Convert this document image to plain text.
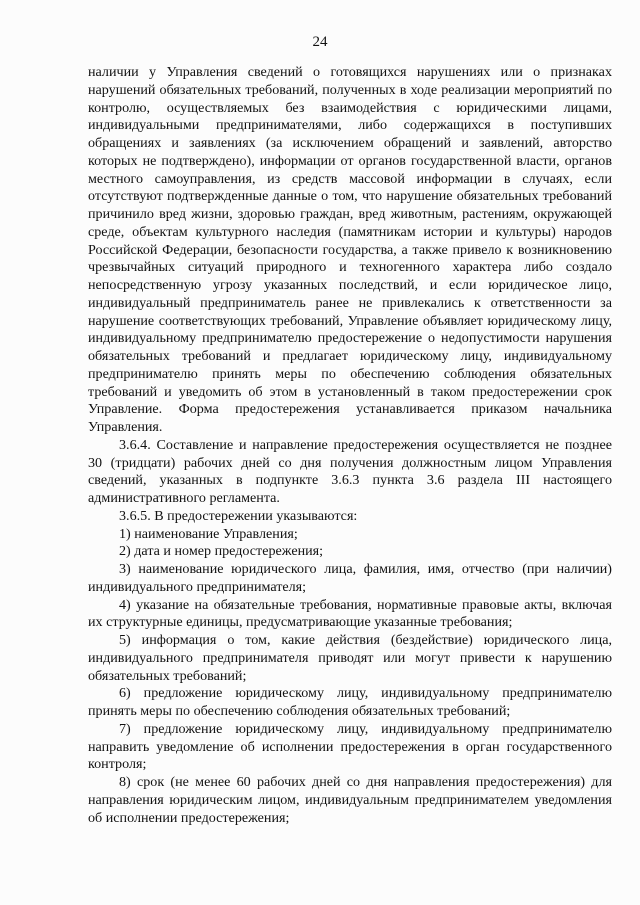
24

наличии у Управления сведений о готовящихся нарушениях или о признаках нарушений обязательных требований, полученных в ходе реализации мероприятий по контролю, осуществляемых без взаимодействия с юридическими лицами, индивидуальными предпринимателями, либо содержащихся в поступивших обращениях и заявлениях (за исключением обращений и заявлений, авторство которых не подтверждено), информации от органов государственной власти, органов местного самоуправления, из средств массовой информации в случаях, если отсутствуют подтвержденные данные о том, что нарушение обязательных требований причинило вред жизни, здоровью граждан, вред животным, растениям, окружающей среде, объектам культурного наследия (памятникам истории и культуры) народов Российской Федерации, безопасности государства, а также привело к возникновению чрезвычайных ситуаций природного и техногенного характера либо создало непосредственную угрозу указанных последствий, и если юридическое лицо, индивидуальный предприниматель ранее не привлекались к ответственности за нарушение соответствующих требований, Управление объявляет юридическому лицу, индивидуальному предпринимателю предостережение о недопустимости нарушения обязательных требований и предлагает юридическому лицу, индивидуальному предпринимателю принять меры по обеспечению соблюдения обязательных требований и уведомить об этом в установленный в таком предостережении срок Управление. Форма предостережения устанавливается приказом начальника Управления.

3.6.4. Составление и направление предостережения осуществляется не позднее 30 (тридцати) рабочих дней со дня получения должностным лицом Управления сведений, указанных в подпункте 3.6.3 пункта 3.6 раздела III настоящего административного регламента.

3.6.5. В предостережении указываются:

1) наименование Управления;

2) дата и номер предостережения;

3) наименование юридического лица, фамилия, имя, отчество (при наличии) индивидуального предпринимателя;

4) указание на обязательные требования, нормативные правовые акты, включая их структурные единицы, предусматривающие указанные требования;

5) информация о том, какие действия (бездействие) юридического лица, индивидуального предпринимателя приводят или могут привести к нарушению обязательных требований;

6) предложение юридическому лицу, индивидуальному предпринимателю принять меры по обеспечению соблюдения обязательных требований;

7) предложение юридическому лицу, индивидуальному предпринимателю направить уведомление об исполнении предостережения в орган государственного контроля;

8) срок (не менее 60 рабочих дней со дня направления предостережения) для направления юридическим лицом, индивидуальным предпринимателем уведомления об исполнении предостережения;
